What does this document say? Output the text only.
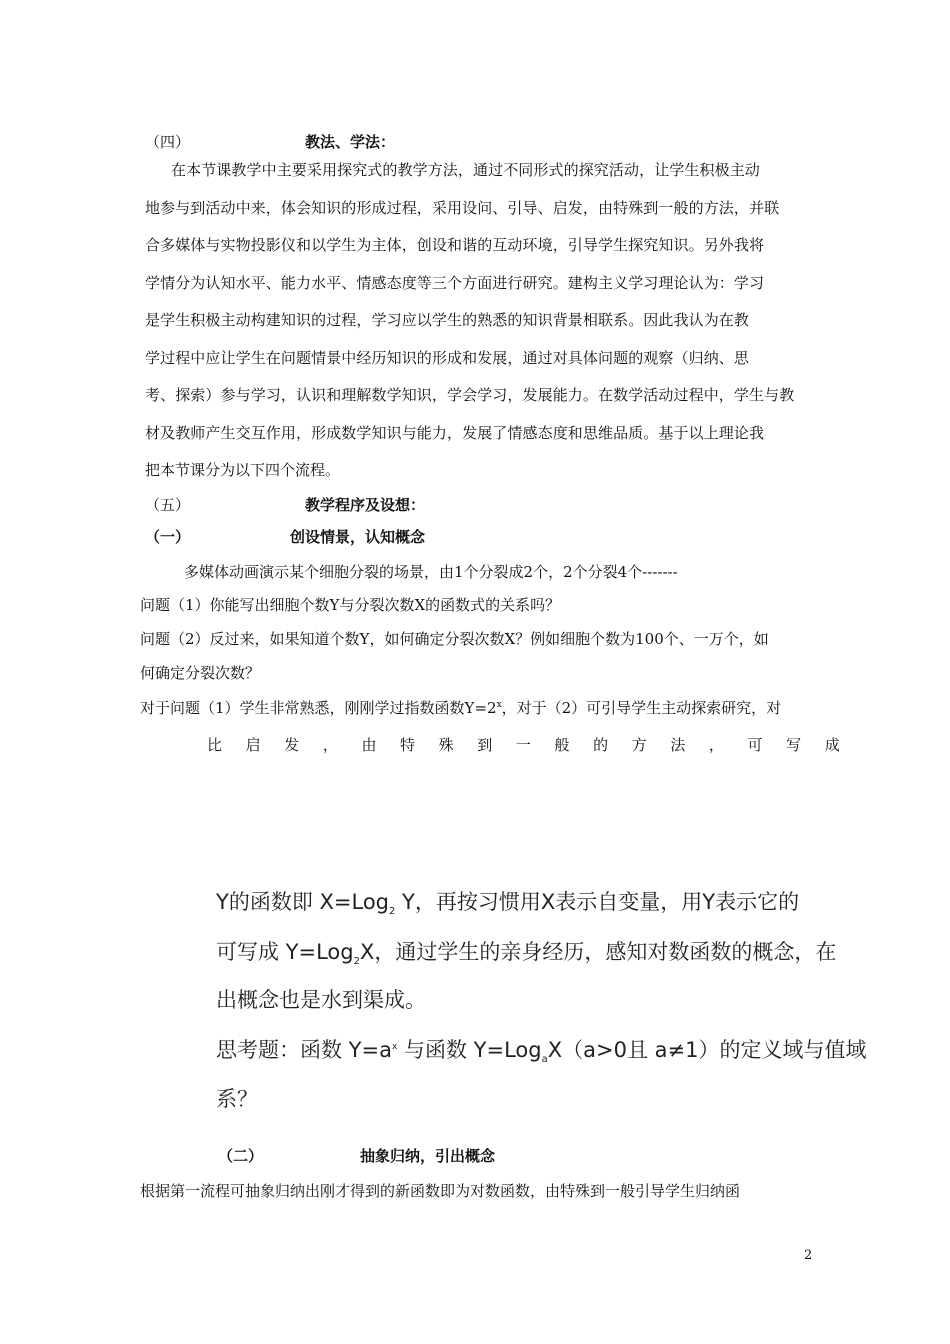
（四）	教法、学法：
在本节课教学中主要采用探究式的教学方法，通过不同形式的探究活动，让学生积极主动
地参与到活动中来，体会知识的形成过程，采用设问、引导、启发，由特殊到一般的方法，并联
合多媒体与实物投影仪和以学生为主体，创设和谐的互动环境，引导学生探究知识。另外我将
学情分为认知水平、能力水平、情感态度等三个方面进行研究。建构主义学习理论认为：学习
是学生积极主动构建知识的过程，学习应以学生的熟悉的知识背景相联系。因此我认为在教
学过程中应让学生在问题情景中经历知识的形成和发展，通过对具体问题的观察（归纳、思
考、探索）参与学习，认识和理解数学知识，学会学习，发展能力。在数学活动过程中，学生与教
材及教师产生交互作用，形成数学知识与能力，发展了情感态度和思维品质。基于以上理论我
把本节课分为以下四个流程。
（五）	教学程序及设想：
（一）	创设情景，认知概念
多媒体动画演示某个细胞分裂的场景，由1个分裂成2个，2个分裂4个-------
问题（1）你能写出细胞个数Y与分裂次数X的函数式的关系吗？
问题（2）反过来，如果知道个数Y，如何确定分裂次数X？例如细胞个数为100个、一万个，如
何确定分裂次数？
对于问题（1）学生非常熟悉，刚刚学过指数函数$Y=2^x$，对于（2）可引导学生主动探索研究，对
比 启 发 ， 由 特 殊 到 一 般 的 方 法 ， 可 写 成
Y的函数即 X=Log$_2$ Y，再按习惯用X表示自变量，用Y表示它的
可写成 Y=Log$_2$X，通过学生的亲身经历，感知对数函数的概念，在
出概念也是水到渠成。
思考题：函数 $Y=a^x$ 与函数 Y=Log$_a$X（a>0且 a≠1）的定义域与值域
系？
（二）	抽象归纳，引出概念
根据第一流程可抽象归纳出刚才得到的新函数即为对数函数，由特殊到一般引导学生归纳函
2
